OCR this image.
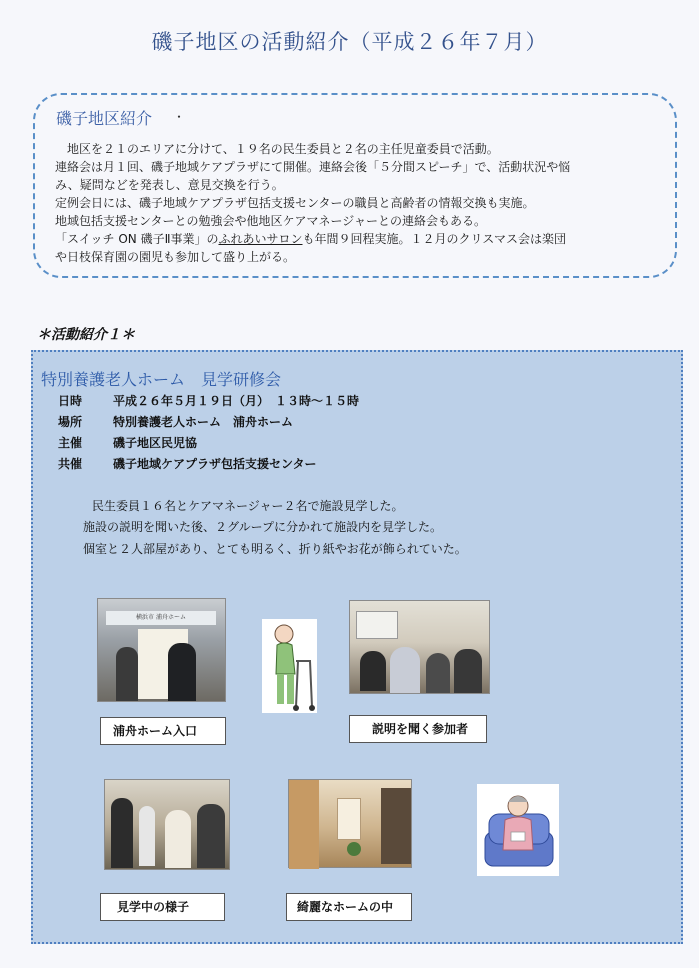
磯子地区の活動紹介（平成２６年７月）
磯子地区紹介 ・
　地区を２１のエリアに分けて、１９名の民生委員と２名の主任児童委員で活動。
連絡会は月１回、磯子地域ケアプラザにて開催。連絡会後「５分間スピーチ」で、活動状況や悩
み、疑問などを発表し、意見交換を行う。
定例会日には、磯子地域ケアプラザ包括支援センターの職員と高齢者の情報交換も実施。
地域包括支援センターとの勉強会や他地区ケアマネージャーとの連絡会もある。
「スイッチ ON 磯子Ⅱ事業」のふれあいサロンも年間９回程実施。１２月のクリスマス会は楽団
や日枝保育園の園児も参加して盛り上がる。
＊活動紹介１＊
特別養護老人ホーム　見学研修会
日時	平成２６年５月１９日（月）　１３時～１５時
場所	特別養護老人ホーム　浦舟ホーム
主催	磯子地区民児協
共催	磯子地域ケアプラザ包括支援センター
民生委員１６名とケアマネージャー２名で施設見学した。
施設の説明を聞いた後、２グループに分かれて施設内を見学した。
個室と２人部屋があり、とても明るく、折り紙やお花が飾られていた。
横浜市 浦舟ホーム
浦舟ホーム入口	説明を聞く参加者
見学中の様子	綺麗なホームの中
